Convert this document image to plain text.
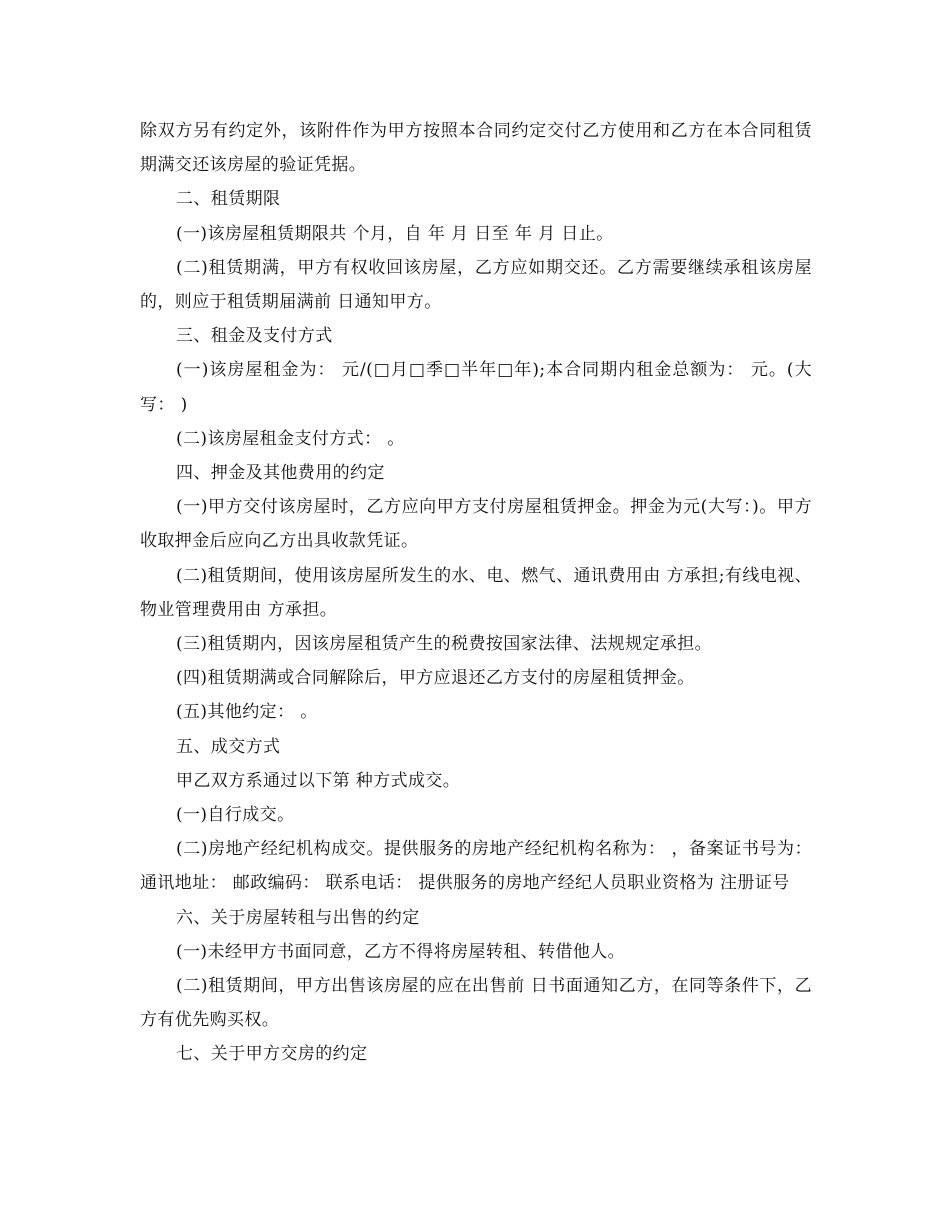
除双方另有约定外，该附件作为甲方按照本合同约定交付乙方使用和乙方在本合同租赁期满交还该房屋的验证凭据。

二、租赁期限

(一)该房屋租赁期限共 个月，自 年 月 日至 年 月 日止。

(二)租赁期满，甲方有权收回该房屋，乙方应如期交还。乙方需要继续承租该房屋的，则应于租赁期届满前 日通知甲方。

三、租金及支付方式

(一)该房屋租金为： 元/(□月□季□半年□年);本合同期内租金总额为： 元。(大写： )

(二)该房屋租金支付方式： 。

四、押金及其他费用的约定

(一)甲方交付该房屋时，乙方应向甲方支付房屋租赁押金。押金为元(大写：)。甲方收取押金后应向乙方出具收款凭证。

(二)租赁期间，使用该房屋所发生的水、电、燃气、通讯费用由 方承担;有线电视、物业管理费用由 方承担。

(三)租赁期内，因该房屋租赁产生的税费按国家法律、法规规定承担。

(四)租赁期满或合同解除后，甲方应退还乙方支付的房屋租赁押金。

(五)其他约定： 。

五、成交方式

甲乙双方系通过以下第 种方式成交。

(一)自行成交。

(二)房地产经纪机构成交。提供服务的房地产经纪机构名称为： ，备案证书号为： 通讯地址： 邮政编码： 联系电话： 提供服务的房地产经纪人员职业资格为 注册证号

六、关于房屋转租与出售的约定

(一)未经甲方书面同意，乙方不得将房屋转租、转借他人。

(二)租赁期间，甲方出售该房屋的应在出售前 日书面通知乙方，在同等条件下，乙方有优先购买权。

七、关于甲方交房的约定
